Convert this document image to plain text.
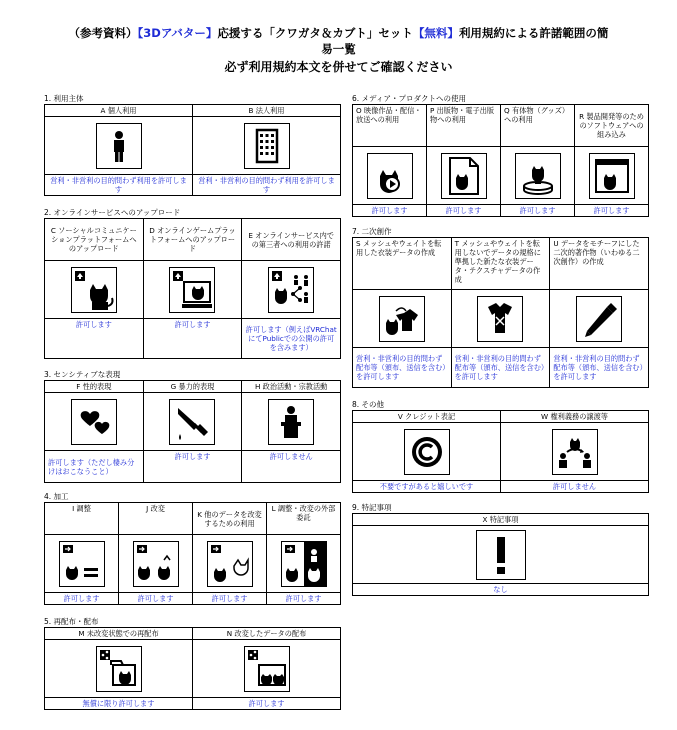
（参考資料）【3Dアバター】応援する「クワガタ＆カブト」セット【無料】利用規約による許諾範囲の簡
易一覧
必ず利用規約本文を併せてご確認ください
1. 利用主体
A 個人利用	B 法人利用

営利・非営利の目的問わず利用を許可します	営利・非営利の目的問わず利用を許可します
2. オンラインサービスへのアップロード
C ソーシャルコミュニケーションプラットフォームへのアップロード	D オンラインゲームプラットフォームへのアップロード	E オンラインサービス内での第三者への利用の許諾

許可します	許可します	許可します（例えばVRChatにてPublicでの公開の許可を含みます）
3. センシティブな表現
F 性的表現	G 暴力的表現	H 政治活動・宗教活動

許可します（ただし棲み分けはおこなうこと）	許可します	許可しません
4. 加工
I 調整	J 改変	K 他のデータを改変するための利用	L 調整・改変の外部委託

許可します	許可します	許可します	許可します
5. 再配布・配布
M 未改変状態での再配布	N 改変したデータの配布

無償に限り許可します	許可します
6. メディア・プロダクトへの使用
O 映像作品・配信・放送への利用	P 出版物・電子出版物への利用	Q 有体物（グッズ）への利用	R 製品開発等のためのソフトウェアへの組み込み

許可します	許可します	許可します	許可します
7. 二次創作
S メッシュやウェイトを転用した衣装データの作成	T メッシュやウェイトを転用しないでデータの規格に準拠した新たな衣装データ・テクスチャデータの作成	U データをモチーフにした二次的著作物（いわゆる二次創作）の作成

営利・非営利の目的問わず配布等（頒布、送信を含む）を許可します	営利・非営利の目的問わず配布等（頒布、送信を含む）を許可します	営利・非営利の目的問わず配布等（頒布、送信を含む）を許可します
8. その他
V クレジット表記	W 権利義務の譲渡等

不要ですがあると嬉しいです	許可しません
9. 特記事項
X 特記事項

なし
